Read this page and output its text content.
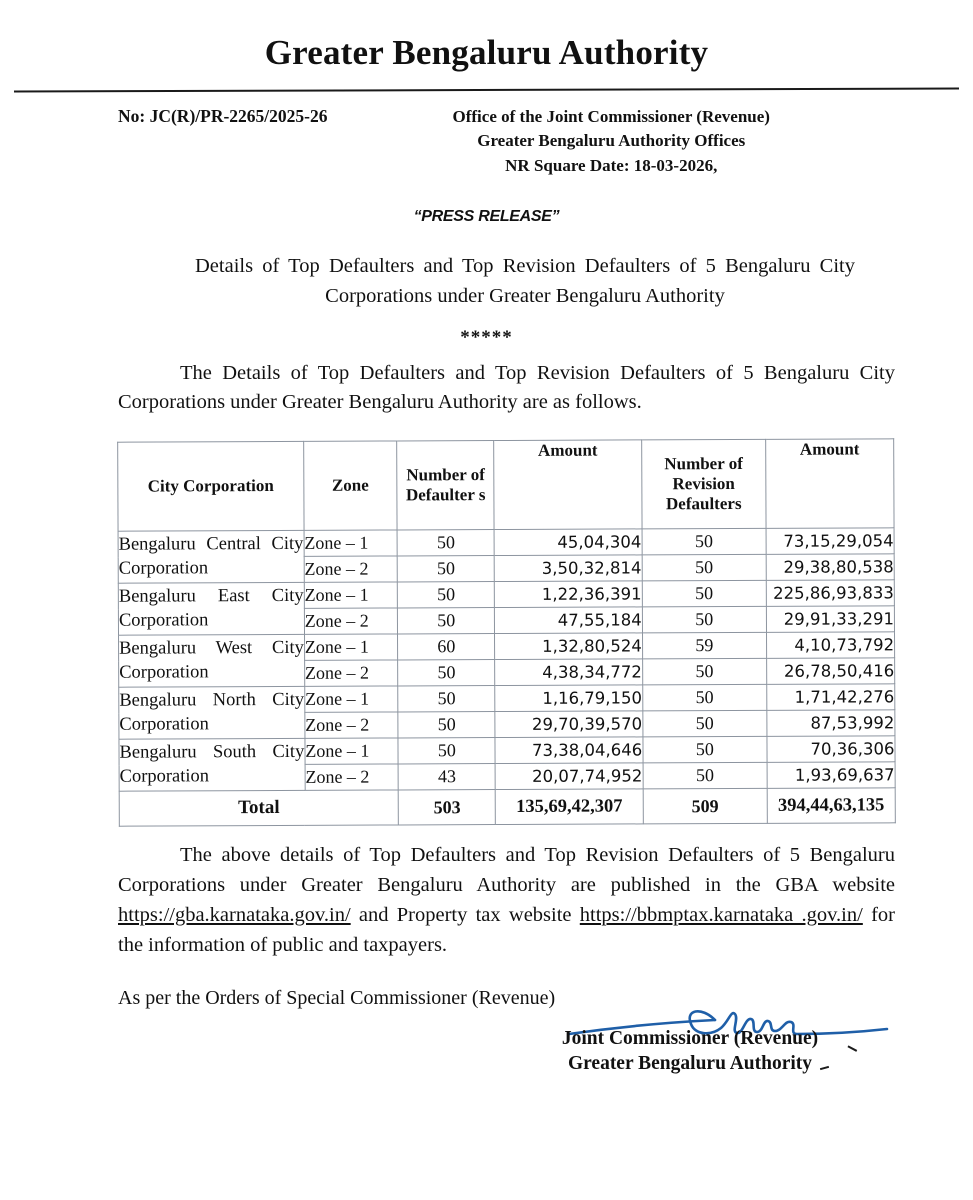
Greater Bengaluru Authority
No: JC(R)/PR-2265/2025-26	Office of the Joint Commissioner (Revenue)
Greater Bengaluru Authority Offices
NR Square Date: 18-03-2026,
“PRESS RELEASE”
Details of Top Defaulters and Top Revision Defaulters of 5 Bengaluru City Corporations under Greater Bengaluru Authority
*****
The Details of Top Defaulters and Top Revision Defaulters of 5 Bengaluru City Corporations under Greater Bengaluru Authority are as follows.
City Corporation	Zone	Number of Defaulter s	Amount	Number of Revision Defaulters	Amount
Bengaluru Central City Corporation	Zone – 1	50	45,04,304	50	73,15,29,054
	Zone – 2	50	3,50,32,814	50	29,38,80,538
Bengaluru East City Corporation	Zone – 1	50	1,22,36,391	50	225,86,93,833
	Zone – 2	50	47,55,184	50	29,91,33,291
Bengaluru West City Corporation	Zone – 1	60	1,32,80,524	59	4,10,73,792
	Zone – 2	50	4,38,34,772	50	26,78,50,416
Bengaluru North City Corporation	Zone – 1	50	1,16,79,150	50	1,71,42,276
	Zone – 2	50	29,70,39,570	50	87,53,992
Bengaluru South City Corporation	Zone – 1	50	73,38,04,646	50	70,36,306
	Zone – 2	43	20,07,74,952	50	1,93,69,637
Total		503	135,69,42,307	509	394,44,63,135
The above details of Top Defaulters and Top Revision Defaulters of 5 Bengaluru Corporations under Greater Bengaluru Authority are published in the GBA website https://gba.karnataka.gov.in/ and Property tax website https://bbmptax.karnataka .gov.in/ for the information of public and taxpayers.
As per the Orders of Special Commissioner (Revenue)
Joint Commissioner (Revenue)
Greater Bengaluru Authority
